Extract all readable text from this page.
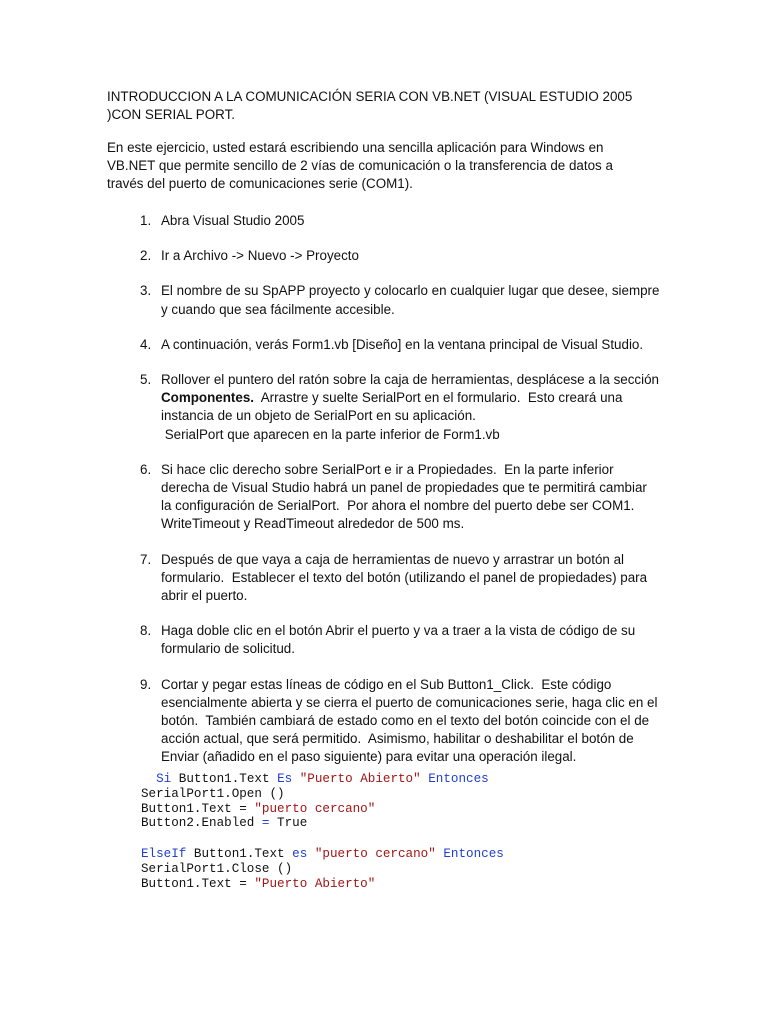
INTRODUCCION A LA COMUNICACIÓN SERIA CON VB.NET (VISUAL ESTUDIO 2005 )CON SERIAL PORT.
En este ejercicio, usted estará escribiendo una sencilla aplicación para Windows en VB.NET que permite sencillo de 2 vías de comunicación o la transferencia de datos a través del puerto de comunicaciones serie (COM1).
1. Abra Visual Studio 2005
2. Ir a Archivo -> Nuevo -> Proyecto
3. El nombre de su SpAPP proyecto y colocarlo en cualquier lugar que desee, siempre y cuando que sea fácilmente accesible.
4. A continuación, verás Form1.vb [Diseño] en la ventana principal de Visual Studio.
5. Rollover el puntero del ratón sobre la caja de herramientas, desplácese a la sección Componentes.  Arrastre y suelte SerialPort en el formulario.  Esto creará una instancia de un objeto de SerialPort en su aplicación.
SerialPort que aparecen en la parte inferior de Form1.vb
6. Si hace clic derecho sobre SerialPort e ir a Propiedades.  En la parte inferior derecha de Visual Studio habrá un panel de propiedades que te permitirá cambiar la configuración de SerialPort.  Por ahora el nombre del puerto debe ser COM1.  WriteTimeout y ReadTimeout alrededor de 500 ms.
7. Después de que vaya a caja de herramientas de nuevo y arrastrar un botón al formulario.  Establecer el texto del botón (utilizando el panel de propiedades) para abrir el puerto.
8. Haga doble clic en el botón Abrir el puerto y va a traer a la vista de código de su formulario de solicitud.
9. Cortar y pegar estas líneas de código en el Sub Button1_Click.  Este código esencialmente abierta y se cierra el puerto de comunicaciones serie, haga clic en el botón.  También cambiará de estado como en el texto del botón coincide con el de acción actual, que será permitido.  Asimismo, habilitar o deshabilitar el botón de Enviar (añadido en el paso siguiente) para evitar una operación ilegal.
Si Button1.Text Es "Puerto Abierto" Entonces
SerialPort1.Open ()
Button1.Text = "puerto cercano"
Button2.Enabled = True
ElseIf Button1.Text es "puerto cercano" Entonces
SerialPort1.Close ()
Button1.Text = "Puerto Abierto"
